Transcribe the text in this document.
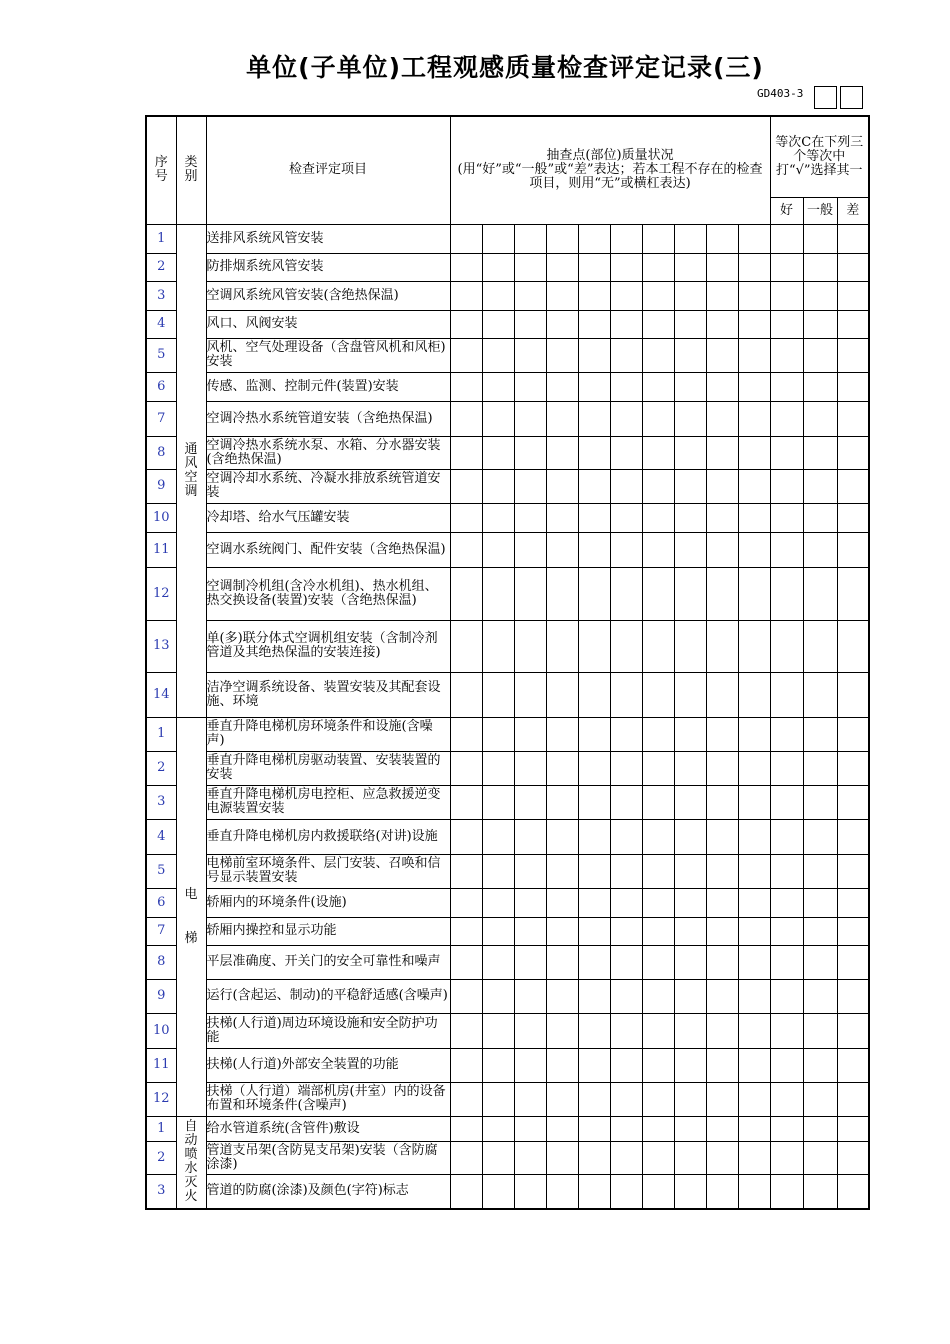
单位(子单位)工程观感质量检查评定记录(三)
GD403-3
序号	类别	检查评定项目	抽查点(部位)质量状况
(用“好”或“一般”或“差”表达；若本工程不存在的检查项目，则用“无”或横杠表达)										等次C在下列三个等次中打“√”选择其一		
													好	一般	差
1	通风空调	送排风系统风管安装													
2		防排烟系统风管安装													
3		空调风系统风管安装(含绝热保温)													
4		风口、风阀安装													
5		风机、空气处理设备（含盘管风机和风柜)安装													
6		传感、监测、控制元件(装置)安装													
7		空调冷热水系统管道安装（含绝热保温)													
8		空调冷热水系统水泵、水箱、分水器安装(含绝热保温)													
9		空调冷却水系统、冷凝水排放系统管道安装													
10		冷却塔、给水气压罐安装													
11		空调水系统阀门、配件安装（含绝热保温)													
12		空调制冷机组(含冷水机组)、热水机组、热交换设备(装置)安装（含绝热保温)													
13		单(多)联分体式空调机组安装（含制冷剂管道及其绝热保温的安装连接)													
14		洁净空调系统设备、装置安装及其配套设施、环境													
1	电梯	垂直升降电梯机房环境条件和设施(含噪声)													
2		垂直升降电梯机房驱动装置、安装装置的安装													
3		垂直升降电梯机房电控柜、应急救援逆变电源装置安装													
4		垂直升降电梯机房内救援联络(对讲)设施													
5		电梯前室环境条件、层门安装、召唤和信号显示装置安装													
6		轿厢内的环境条件(设施)													
7		轿厢内操控和显示功能													
8		平层准确度、开关门的安全可靠性和噪声													
9		运行(含起运、制动)的平稳舒适感(含噪声)													
10		扶梯(人行道)周边环境设施和安全防护功能													
11		扶梯(人行道)外部安全装置的功能													
12		扶梯（人行道）端部机房(井室）内的设备布置和环境条件(含噪声)													
1	自动喷水灭火	给水管道系统(含管件)敷设													
2		管道支吊架(含防晃支吊架)安装（含防腐涂漆)													
3		管道的防腐(涂漆)及颜色(字符)标志													
